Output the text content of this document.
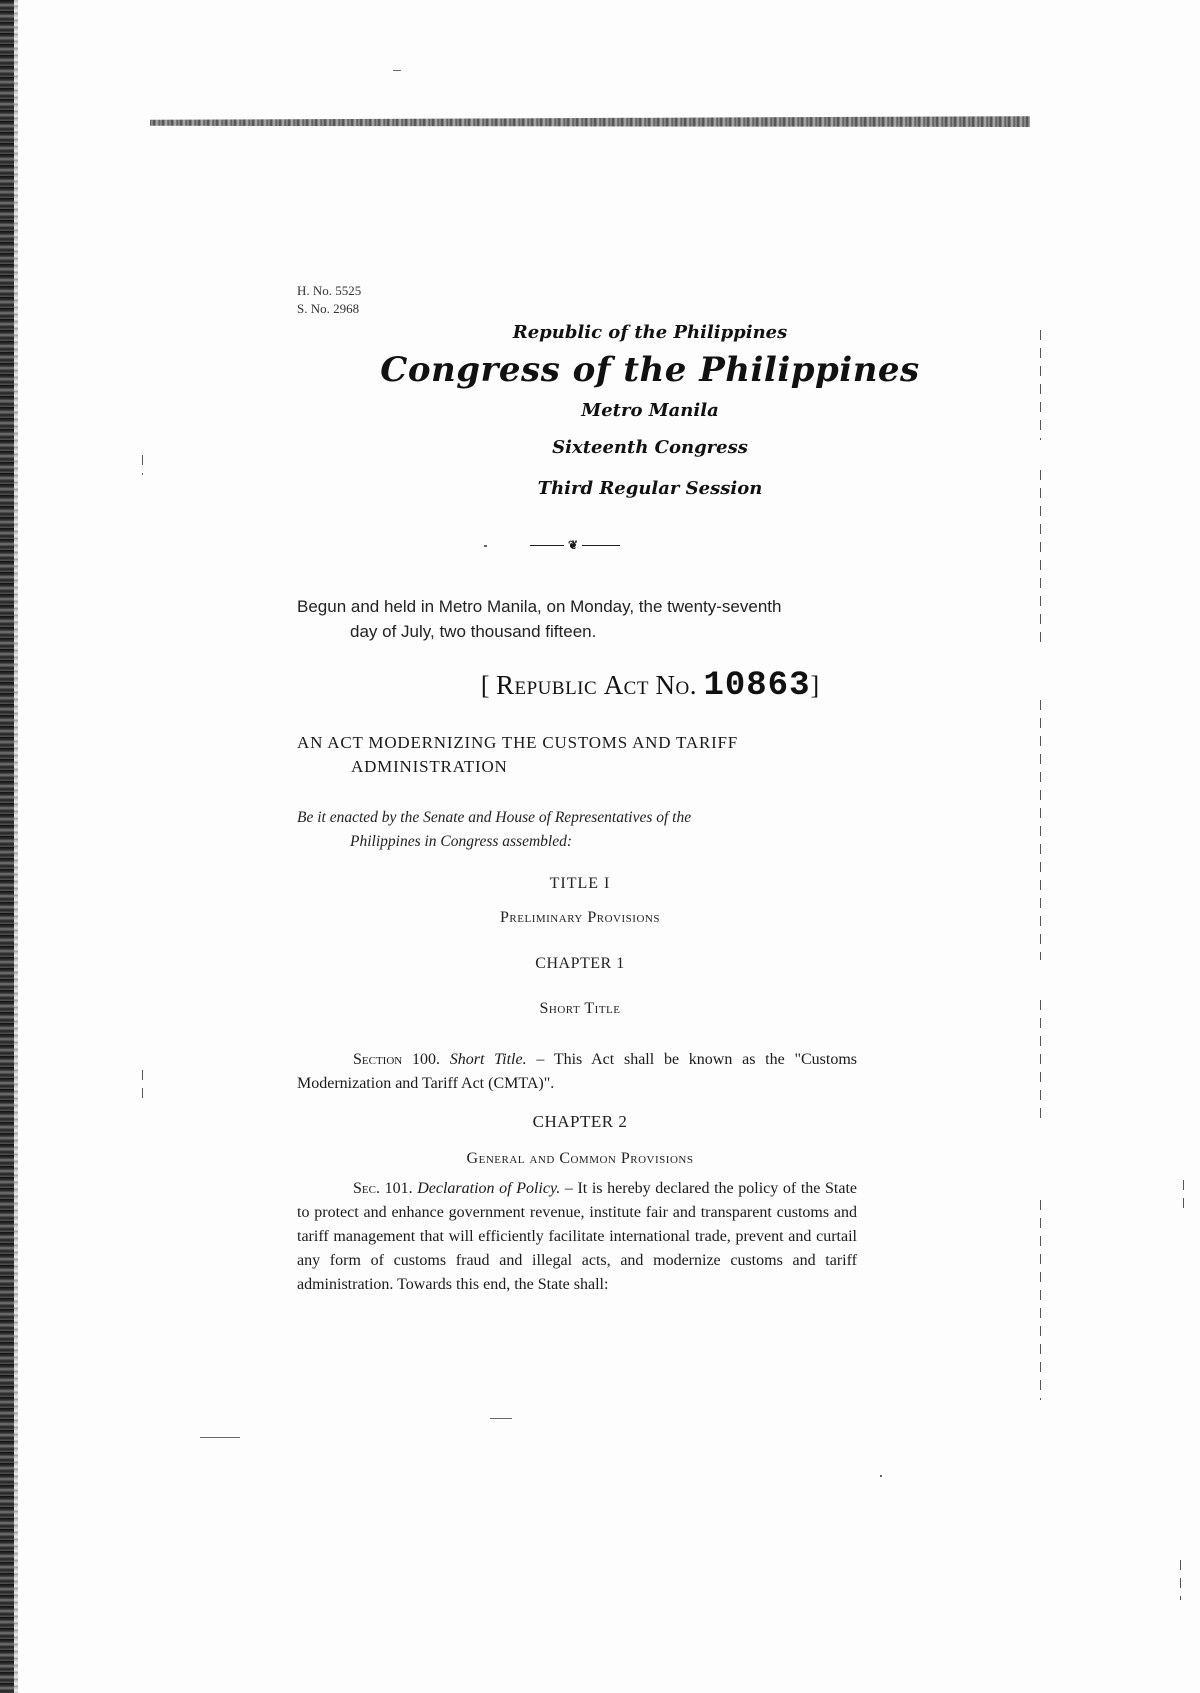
H. No. 5525
S. No. 2968
Republic of the Philippines
Congress of the Philippines
Metro Manila
Sixteenth Congress
Third Regular Session
❦
Begun and held in Metro Manila, on Monday, the twenty-seventh
day of July, two thousand fifteen.
[ Republic Act No. 10863]
AN ACT MODERNIZING THE CUSTOMS AND TARIFF
ADMINISTRATION
Be it enacted by the Senate and House of Representatives of the
Philippines in Congress assembled:
TITLE I
Preliminary Provisions
CHAPTER 1
Short Title
Section 100. Short Title. – This Act shall be known as the "Customs Modernization and Tariff Act (CMTA)".
CHAPTER 2
General and Common Provisions
Sec. 101. Declaration of Policy. – It is hereby declared the policy of the State to protect and enhance government revenue, institute fair and transparent customs and tariff management that will efficiently facilitate international trade, prevent and curtail any form of customs fraud and illegal acts, and modernize customs and tariff administration. Towards this end, the State shall:
